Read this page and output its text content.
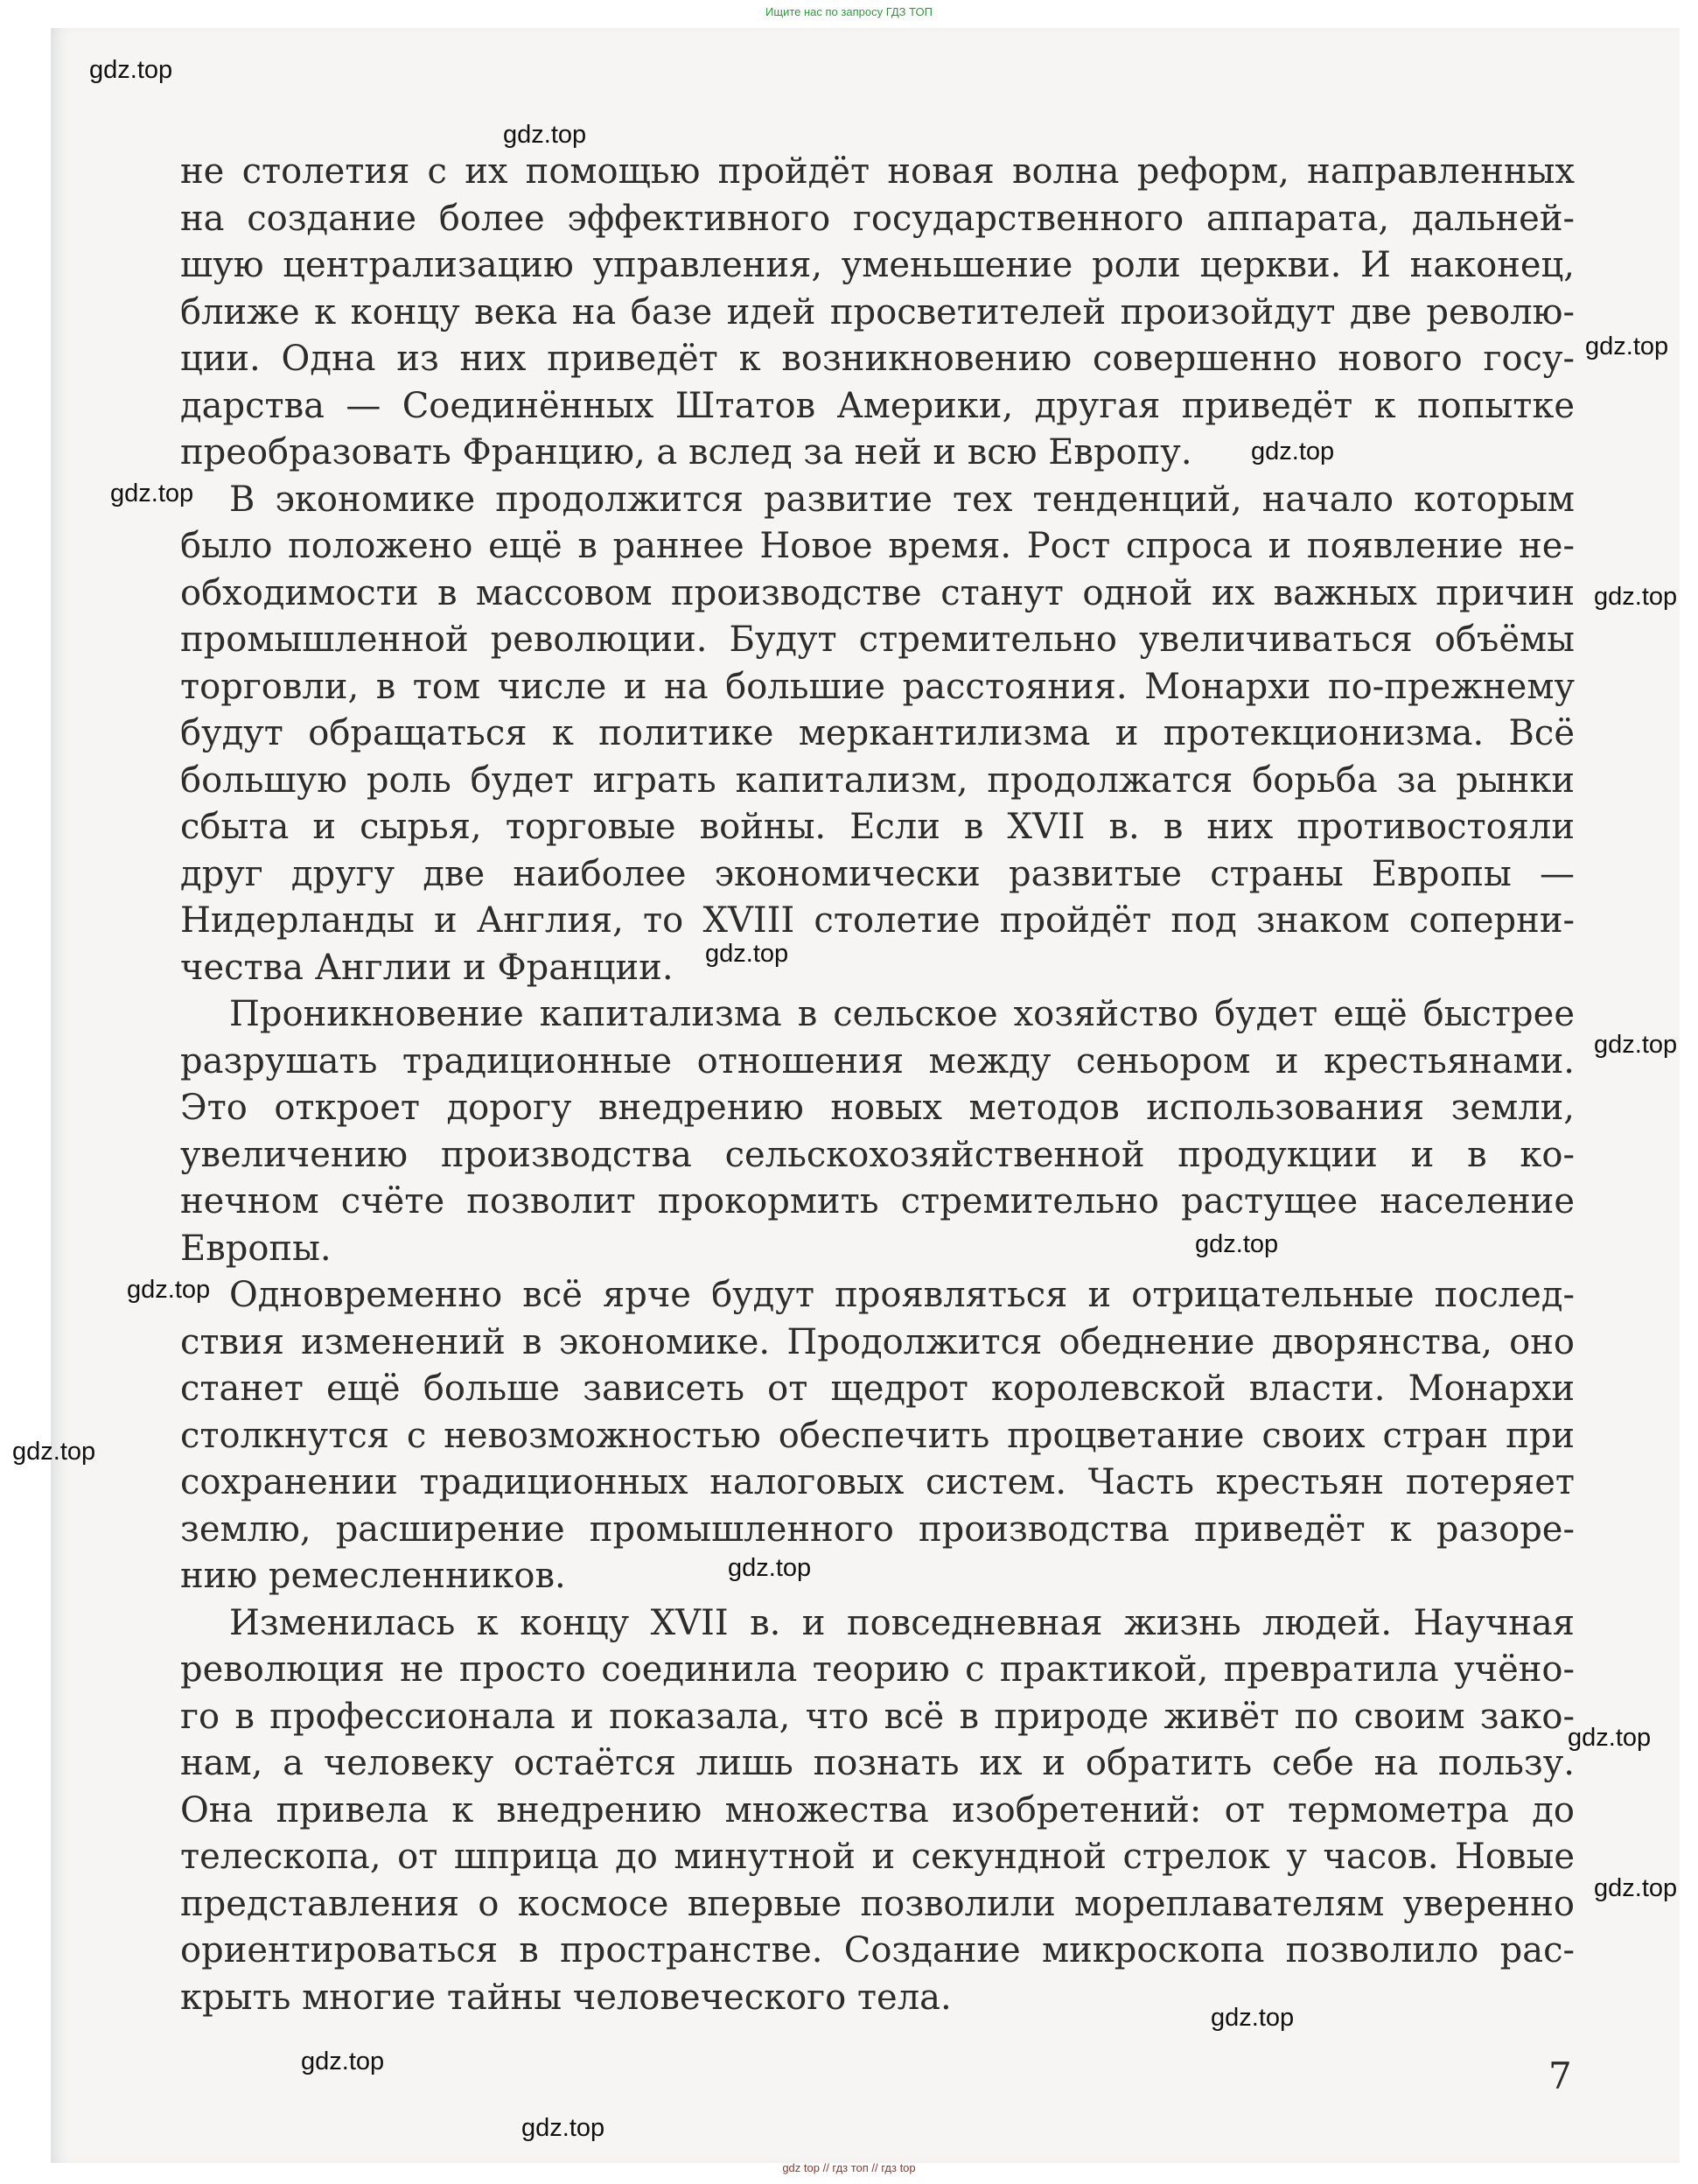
Ищите нас по запросу ГДЗ ТОП
не столетия с их помощью пройдёт новая волна реформ, направленных
на создание более эффективного государственного аппарата, дальней-
шую централизацию управления, уменьшение роли церкви. И наконец,
ближе к концу века на базе идей просветителей произойдут две револю-
ции. Одна из них приведёт к возникновению совершенно нового госу-
дарства — Соединённых Штатов Америки, другая приведёт к попытке
преобразовать Францию, а вслед за ней и всю Европу.
В экономике продолжится развитие тех тенденций, начало которым
было положено ещё в раннее Новое время. Рост спроса и появление не-
обходимости в массовом производстве станут одной их важных причин
промышленной революции. Будут стремительно увеличиваться объёмы
торговли, в том числе и на большие расстояния. Монархи по-прежнему
будут обращаться к политике меркантилизма и протекционизма. Всё
большую роль будет играть капитализм, продолжатся борьба за рынки
сбыта и сырья, торговые войны. Если в XVII в. в них противостояли
друг другу две наиболее экономически развитые страны Европы —
Нидерланды и Англия, то XVIII столетие пройдёт под знаком соперни-
чества Англии и Франции.
Проникновение капитализма в сельское хозяйство будет ещё быстрее
разрушать традиционные отношения между сеньором и крестьянами.
Это откроет дорогу внедрению новых методов использования земли,
увеличению производства сельскохозяйственной продукции и в ко-
нечном счёте позволит прокормить стремительно растущее население
Европы.
Одновременно всё ярче будут проявляться и отрицательные послед-
ствия изменений в экономике. Продолжится обеднение дворянства, оно
станет ещё больше зависеть от щедрот королевской власти. Монархи
столкнутся с невозможностью обеспечить процветание своих стран при
сохранении традиционных налоговых систем. Часть крестьян потеряет
землю, расширение промышленного производства приведёт к разоре-
нию ремесленников.
Изменилась к концу XVII в. и повседневная жизнь людей. Научная
революция не просто соединила теорию с практикой, превратила учёно-
го в профессионала и показала, что всё в природе живёт по своим зако-
нам, а человеку остаётся лишь познать их и обратить себе на пользу.
Она привела к внедрению множества изобретений: от термометра до
телескопа, от шприца до минутной и секундной стрелок у часов. Новые
представления о космосе впервые позволили мореплавателям уверенно
ориентироваться в пространстве. Создание микроскопа позволило рас-
крыть многие тайны человеческого тела.
7
gdz.top
gdz.top
gdz.top
gdz.top
gdz.top
gdz.top
gdz.top
gdz.top
gdz.top
gdz.top
gdz.top
gdz.top
gdz.top
gdz.top
gdz.top
gdz.top
gdz.top
gdz top // гдз топ // гдз top
